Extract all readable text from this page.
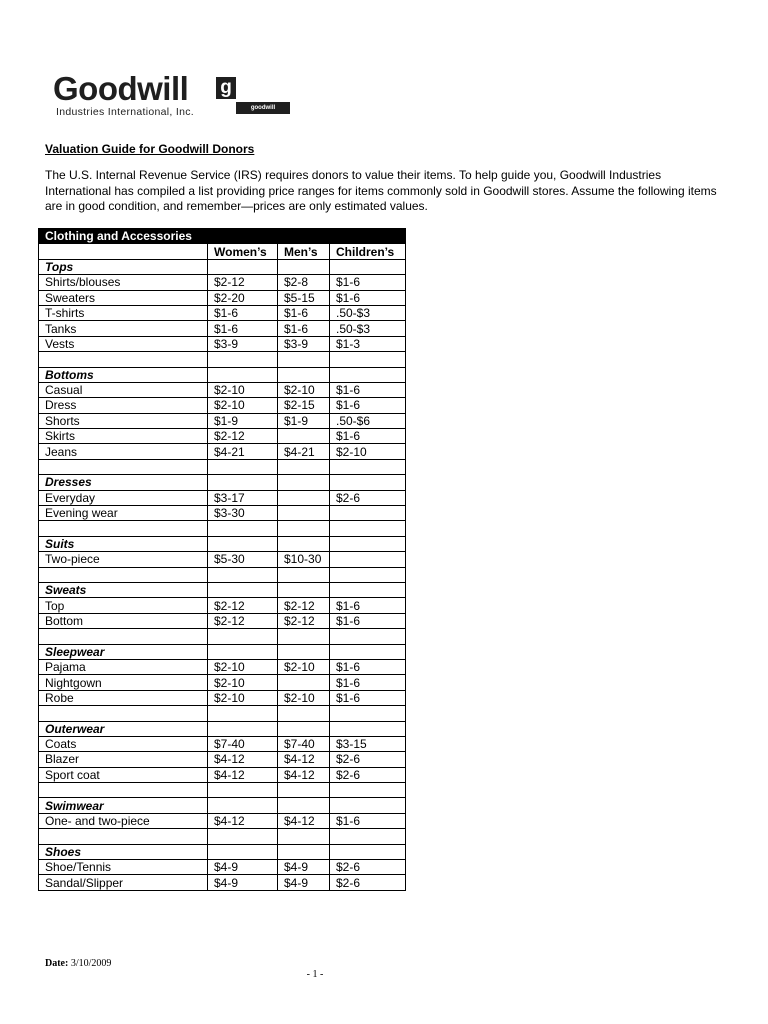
Goodwill g
Industries International, Inc.	goodwill
Valuation Guide for Goodwill Donors
The U.S. Internal Revenue Service (IRS) requires donors to value their items. To help guide you, Goodwill Industries International has compiled a list providing price ranges for items commonly sold in Goodwill stores. Assume the following items are in good condition, and remember—prices are only estimated values.
Clothing and Accessories			
	Women’s	Men’s	Children’s
Tops			
Shirts/blouses	$2-12	$2-8	$1-6
Sweaters	$2-20	$5-15	$1-6
T-shirts	$1-6	$1-6	.50-$3
Tanks	$1-6	$1-6	.50-$3
Vests	$3-9	$3-9	$1-3

Bottoms			
Casual	$2-10	$2-10	$1-6
Dress	$2-10	$2-15	$1-6
Shorts	$1-9	$1-9	.50-$6
Skirts	$2-12		$1-6
Jeans	$4-21	$4-21	$2-10

Dresses			
Everyday	$3-17		$2-6
Evening wear	$3-30		

Suits			
Two-piece	$5-30	$10-30	

Sweats			
Top	$2-12	$2-12	$1-6
Bottom	$2-12	$2-12	$1-6

Sleepwear			
Pajama	$2-10	$2-10	$1-6
Nightgown	$2-10		$1-6
Robe	$2-10	$2-10	$1-6

Outerwear			
Coats	$7-40	$7-40	$3-15
Blazer	$4-12	$4-12	$2-6
Sport coat	$4-12	$4-12	$2-6

Swimwear			
One- and two-piece	$4-12	$4-12	$1-6

Shoes			
Shoe/Tennis	$4-9	$4-9	$2-6
Sandal/Slipper	$4-9	$4-9	$2-6
Date: 3/10/2009
- 1 -
